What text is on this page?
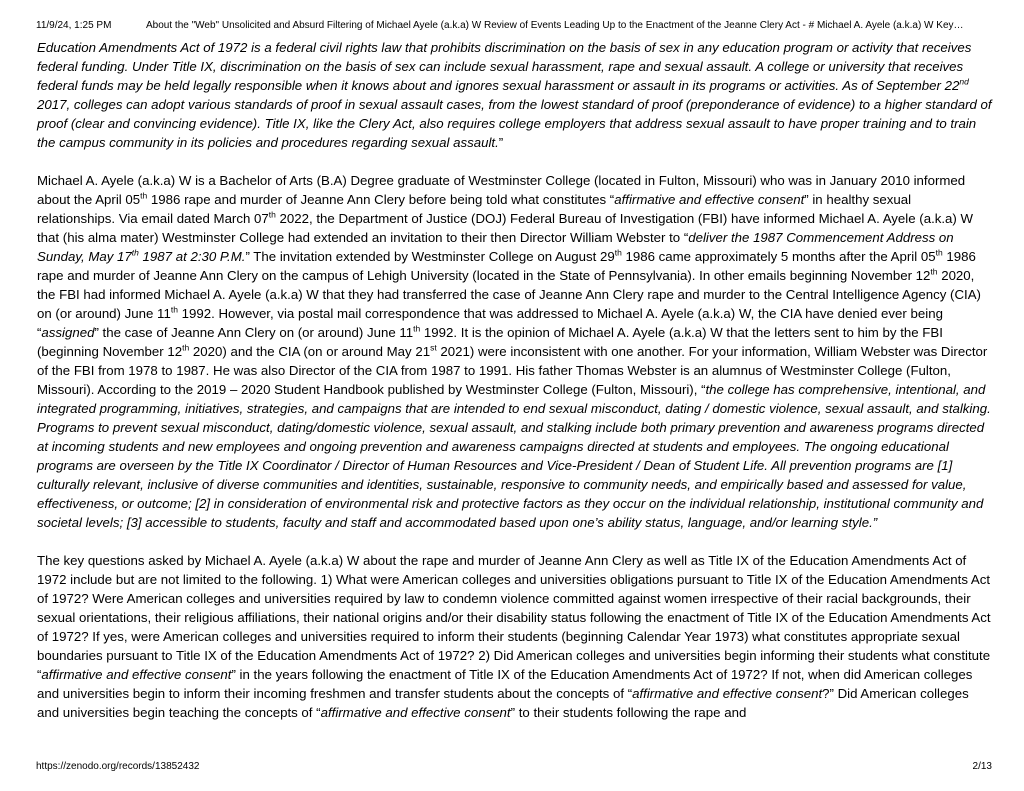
11/9/24, 1:25 PM	About the "Web" Unsolicited and Absurd Filtering of Michael Ayele (a.k.a) W Review of Events Leading Up to the Enactment of the Jeanne Clery Act - # Michael A. Ayele (a.k.a) W Key…

Education Amendments Act of 1972 is a federal civil rights law that prohibits discrimination on the basis of sex in any education program or activity that receives federal funding. Under Title IX, discrimination on the basis of sex can include sexual harassment, rape and sexual assault. A college or university that receives federal funds may be held legally responsible when it knows about and ignores sexual harassment or assault in its programs or activities. As of September 22nd 2017, colleges can adopt various standards of proof in sexual assault cases, from the lowest standard of proof (preponderance of evidence) to a higher standard of proof (clear and convincing evidence). Title IX, like the Clery Act, also requires college employers that address sexual assault to have proper training and to train the campus community in its policies and procedures regarding sexual assault.”

Michael A. Ayele (a.k.a) W is a Bachelor of Arts (B.A) Degree graduate of Westminster College (located in Fulton, Missouri) who was in January 2010 informed about the April 05th 1986 rape and murder of Jeanne Ann Clery before being told what constitutes “affirmative and effective consent” in healthy sexual relationships. Via email dated March 07th 2022, the Department of Justice (DOJ) Federal Bureau of Investigation (FBI) have informed Michael A. Ayele (a.k.a) W that (his alma mater) Westminster College had extended an invitation to their then Director William Webster to “deliver the 1987 Commencement Address on Sunday, May 17th 1987 at 2:30 P.M.” The invitation extended by Westminster College on August 29th 1986 came approximately 5 months after the April 05th 1986 rape and murder of Jeanne Ann Clery on the campus of Lehigh University (located in the State of Pennsylvania). In other emails beginning November 12th 2020, the FBI had informed Michael A. Ayele (a.k.a) W that they had transferred the case of Jeanne Ann Clery rape and murder to the Central Intelligence Agency (CIA) on (or around) June 11th 1992. However, via postal mail correspondence that was addressed to Michael A. Ayele (a.k.a) W, the CIA have denied ever being “assigned” the case of Jeanne Ann Clery on (or around) June 11th 1992. It is the opinion of Michael A. Ayele (a.k.a) W that the letters sent to him by the FBI (beginning November 12th 2020) and the CIA (on or around May 21st 2021) were inconsistent with one another. For your information, William Webster was Director of the FBI from 1978 to 1987. He was also Director of the CIA from 1987 to 1991. His father Thomas Webster is an alumnus of Westminster College (Fulton, Missouri). According to the 2019 – 2020 Student Handbook published by Westminster College (Fulton, Missouri), “the college has comprehensive, intentional, and integrated programming, initiatives, strategies, and campaigns that are intended to end sexual misconduct, dating / domestic violence, sexual assault, and stalking. Programs to prevent sexual misconduct, dating/domestic violence, sexual assault, and stalking include both primary prevention and awareness programs directed at incoming students and new employees and ongoing prevention and awareness campaigns directed at students and employees. The ongoing educational programs are overseen by the Title IX Coordinator / Director of Human Resources and Vice-President / Dean of Student Life. All prevention programs are [1] culturally relevant, inclusive of diverse communities and identities, sustainable, responsive to community needs, and empirically based and assessed for value, effectiveness, or outcome; [2] in consideration of environmental risk and protective factors as they occur on the individual relationship, institutional community and societal levels; [3] accessible to students, faculty and staff and accommodated based upon one’s ability status, language, and/or learning style.”

The key questions asked by Michael A. Ayele (a.k.a) W about the rape and murder of Jeanne Ann Clery as well as Title IX of the Education Amendments Act of 1972 include but are not limited to the following. 1) What were American colleges and universities obligations pursuant to Title IX of the Education Amendments Act of 1972? Were American colleges and universities required by law to condemn violence committed against women irrespective of their racial backgrounds, their sexual orientations, their religious affiliations, their national origins and/or their disability status following the enactment of Title IX of the Education Amendments Act of 1972? If yes, were American colleges and universities required to inform their students (beginning Calendar Year 1973) what constitutes appropriate sexual boundaries pursuant to Title IX of the Education Amendments Act of 1972? 2) Did American colleges and universities begin informing their students what constitute “affirmative and effective consent” in the years following the enactment of Title IX of the Education Amendments Act of 1972? If not, when did American colleges and universities begin to inform their incoming freshmen and transfer students about the concepts of “affirmative and effective consent?” Did American colleges and universities begin teaching the concepts of “affirmative and effective consent” to their students following the rape and

https://zenodo.org/records/13852432	2/13
